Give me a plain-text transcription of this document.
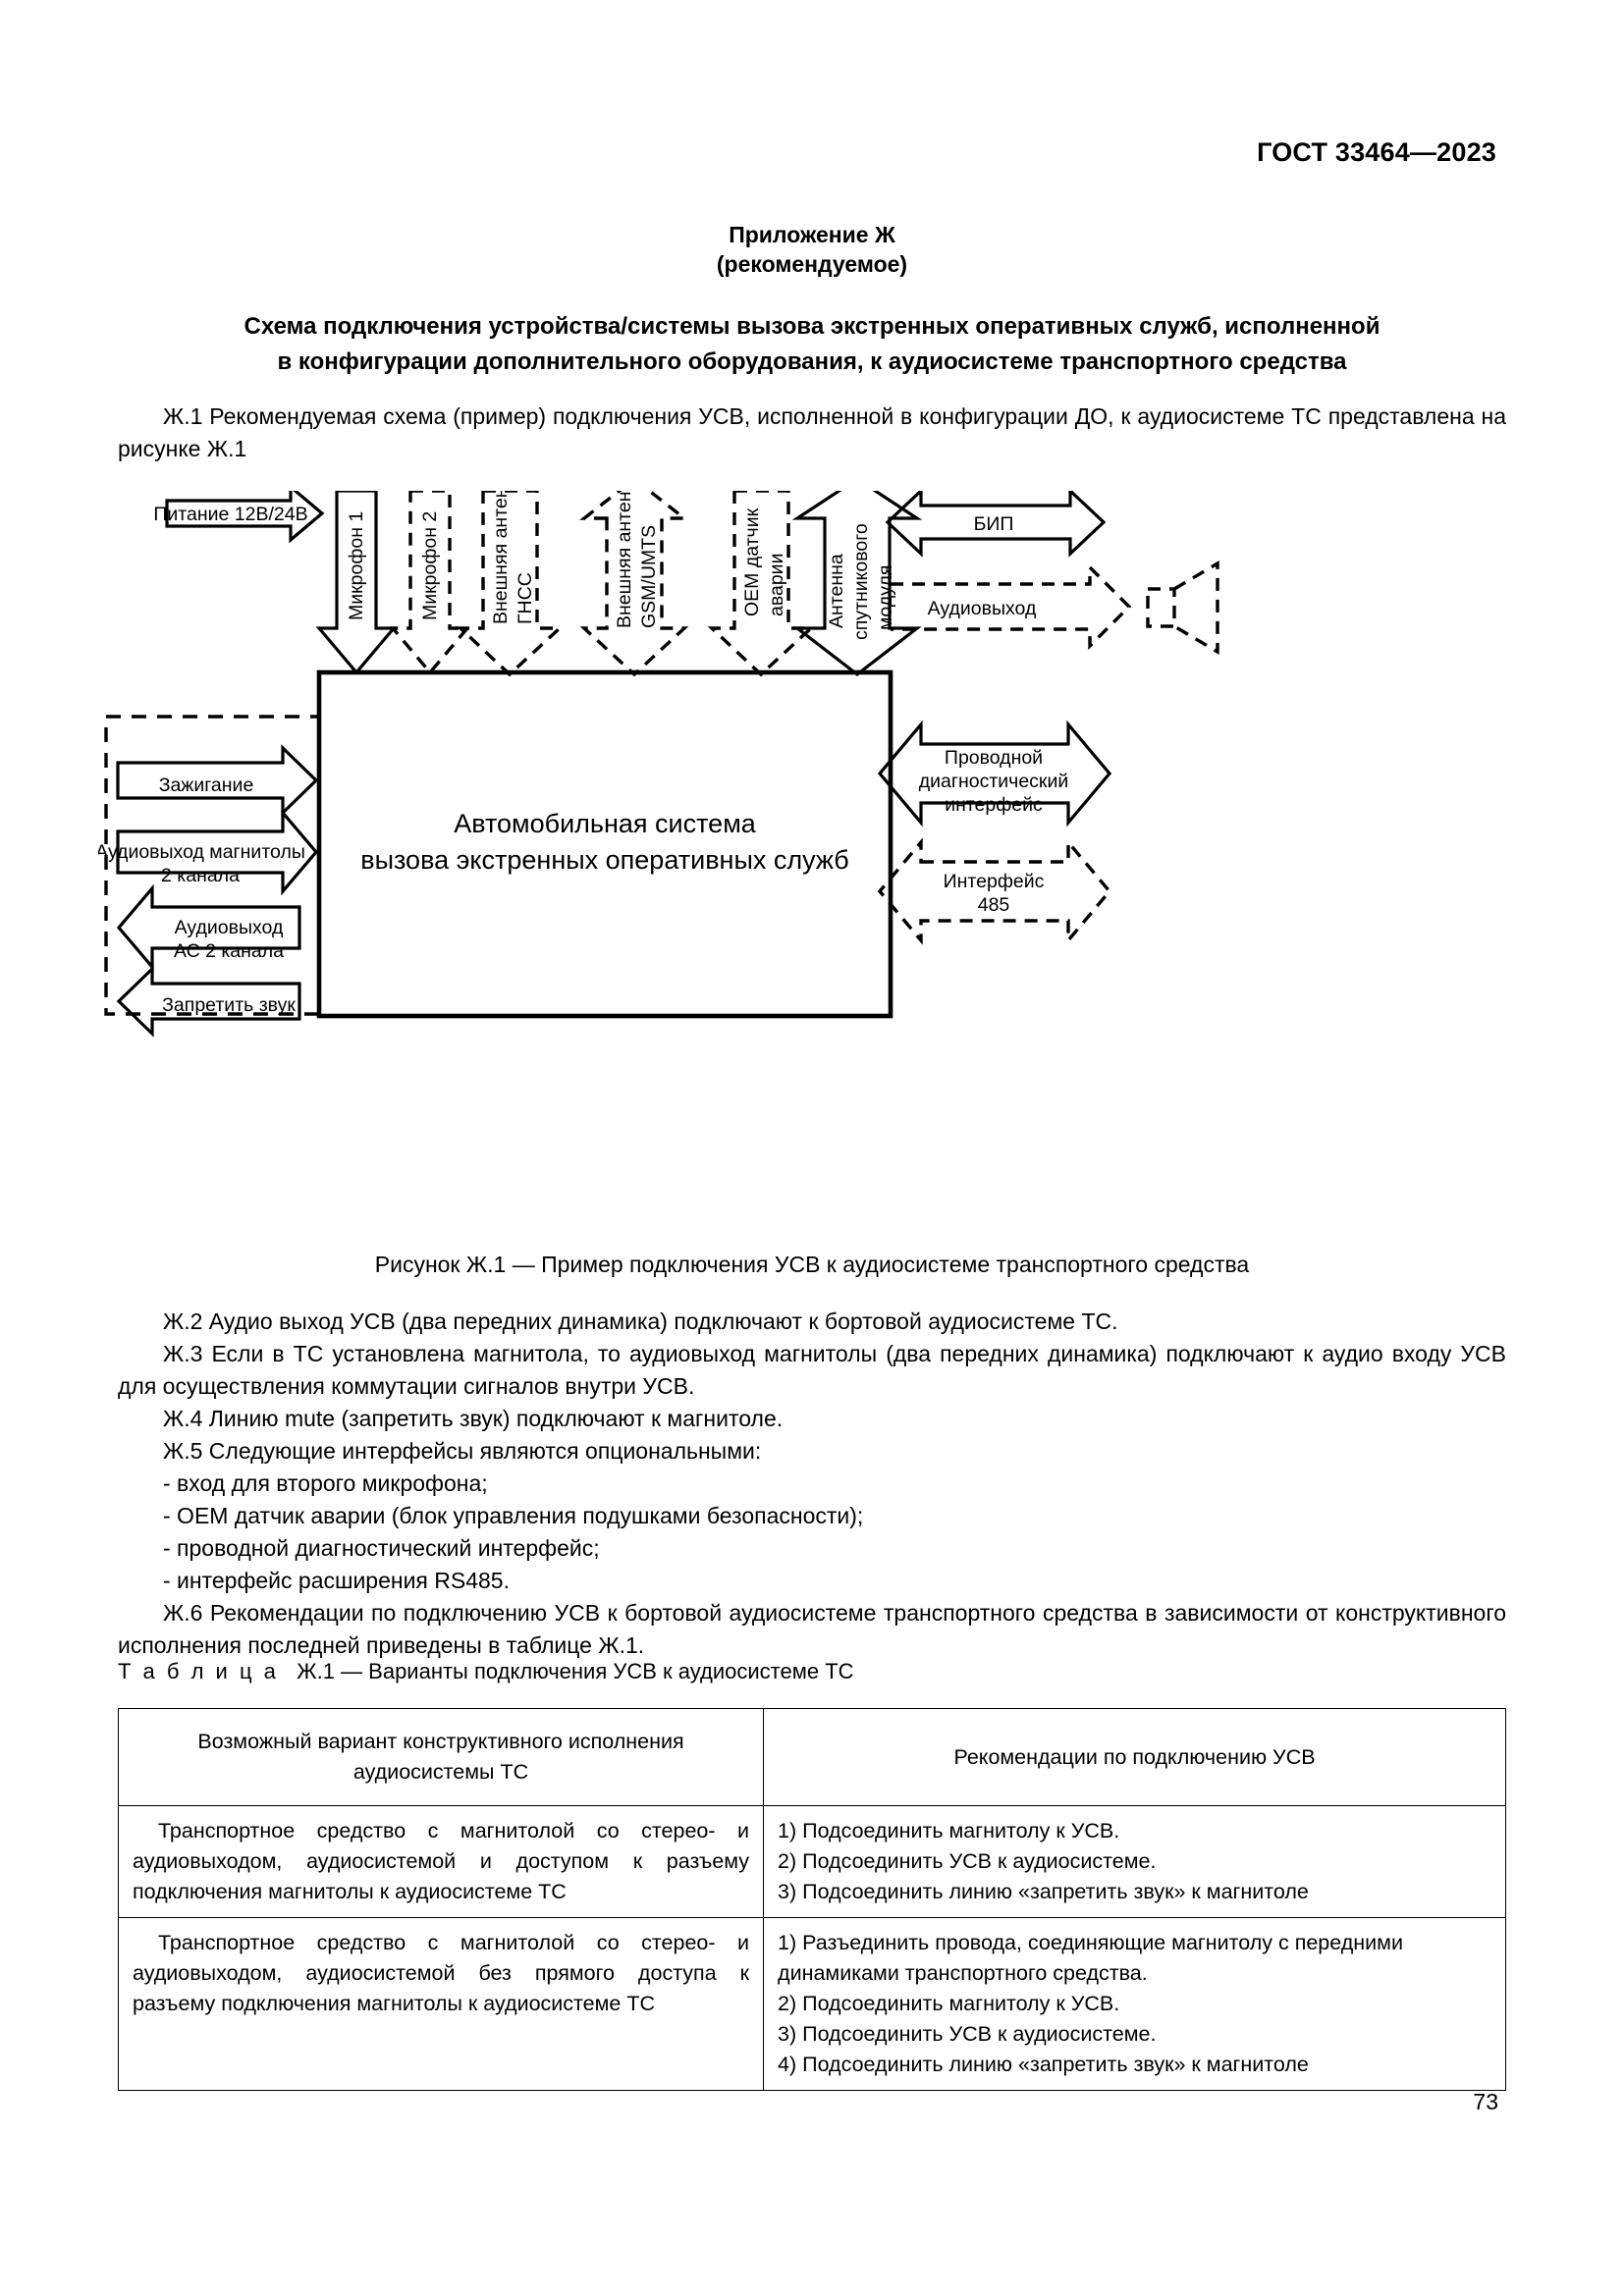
ГОСТ 33464—2023
Приложение Ж
(рекомендуемое)
Схема подключения устройства/системы вызова экстренных оперативных служб, исполненной
в конфигурации дополнительного оборудования, к аудиосистеме транспортного средства
Ж.1 Рекомендуемая схема (пример) подключения УСВ, исполненной в конфигурации ДО, к аудиосистеме ТС представлена на рисунке Ж.1
Микрофон 1	Микрофон 2	Внешняя антенна ГНСС	Внешняя антенна GSM/UMTS	OEM датчик аварии Антенна спутникового модуля
Автомобильная система
вызова экстренных оперативных служб
Питание 12В/24В
Зажигание
Аудиовыход магнитолы
2 канала
Аудиовыход
АС 2 канала
Запретить звук
БИП
Аудиовыход
Проводной
диагностический
интерфейс
Интерфейс
485
Рисунок Ж.1 — Пример подключения УСВ к аудиосистеме транспортного средства
Ж.2 Аудио выход УСВ (два передних динамика) подключают к бортовой аудиосистеме ТС.
Ж.3 Если в ТС установлена магнитола, то аудиовыход магнитолы (два передних динамика) подключают к аудио входу УСВ для осуществления коммутации сигналов внутри УСВ.
Ж.4 Линию mute (запретить звук) подключают к магнитоле.
Ж.5 Следующие интерфейсы являются опциональными:
- вход для второго микрофона;
- OEM датчик аварии (блок управления подушками безопасности);
- проводной диагностический интерфейс;
- интерфейс расширения RS485.
Ж.6 Рекомендации по подключению УСВ к бортовой аудиосистеме транспортного средства в зависимости от конструктивного исполнения последней приведены в таблице Ж.1.
Т а б л и ц а Ж.1 — Варианты подключения УСВ к аудиосистеме ТС
Возможный вариант конструктивного исполнения аудиосистемы ТС	Рекомендации по подключению УСВ

Транспортное средство с магнитолой со стерео- и аудиовыходом, аудиосистемой и доступом к разъему подключения магнитолы к аудиосистеме ТС	1) Подсоединить магнитолу к УСВ.

2) Подсоединить УСВ к аудиосистеме.

3) Подсоединить линию «запретить звук» к магнитоле

Транспортное средство с магнитолой со стерео- и аудиовыходом, аудиосистемой без прямого доступа к разъему подключения магнитолы к аудиосистеме ТС	1) Разъединить провода, соединяющие магнитолу с передними динамиками транспортного средства.

2) Подсоединить магнитолу к УСВ.

3) Подсоединить УСВ к аудиосистеме.

4) Подсоединить линию «запретить звук» к магнитоле

73
